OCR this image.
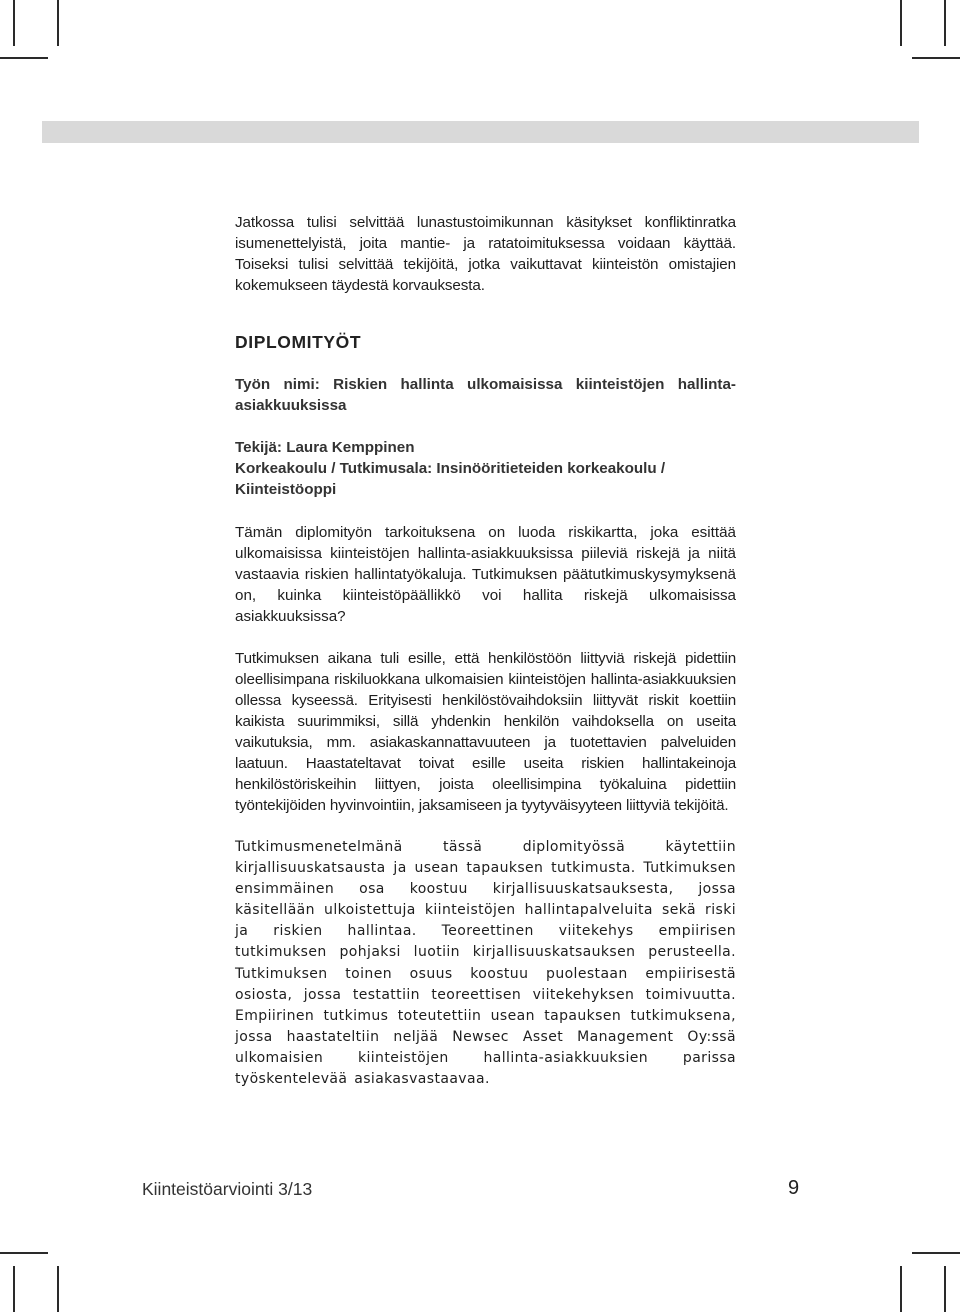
Jatkossa tulisi selvittää lunastustoimikunnan käsitykset konfliktinratka isumenettelyistä, joita mantie- ja ratatoimituksessa voidaan käyttää. Toiseksi tulisi selvittää tekijöitä, jotka vaikuttavat kiinteistön omistajien kokemukseen täydestä korvauksesta.

DIPLOMITYÖT

Työn nimi: Riskien hallinta ulkomaisissa kiinteistöjen hallinta-asiakkuuksissa

Tekijä: Laura Kemppinen
Korkeakoulu / Tutkimusala: Insinööritieteiden korkeakoulu / Kiinteistöoppi

Tämän diplomityön tarkoituksena on luoda riskikartta, joka esittää ulkomaisissa kiinteistöjen hallinta-asiakkuuksissa piileviä riskejä ja niitä vastaavia riskien hallintatyökaluja. Tutkimuksen päätutkimuskysymyksenä on, kuinka kiinteistöpäällikkö voi hallita riskejä ulkomaisissa asiakkuuksissa?

Tutkimuksen aikana tuli esille, että henkilöstöön liittyviä riskejä pidettiin oleellisimpana riskiluokkana ulkomaisien kiinteistöjen hallinta-asiakkuuksien ollessa kyseessä. Erityisesti henkilöstövaihdoksiin liittyvät riskit koettiin kaikista suurimmiksi, sillä yhdenkin henkilön vaihdoksella on useita vaikutuksia, mm. asiakaskannattavuuteen ja tuotettavien palveluiden laatuun. Haastateltavat toivat esille useita riskien hallintakeinoja henkilöstöriskeihin liittyen, joista oleellisimpina työkaluina pidettiin työntekijöiden hyvinvointiin, jaksamiseen ja tyytyväisyyteen liittyviä tekijöitä.

Tutkimusmenetelmänä tässä diplomityössä käytettiin kirjallisuuskatsausta ja usean tapauksen tutkimusta. Tutkimuksen ensimmäinen osa koostuu kirjallisuuskatsauksesta, jossa käsitellään ulkoistettuja kiinteistöjen hallintapalveluita sekä riski ja riskien hallintaa. Teoreettinen viitekehys empiirisen tutkimuksen pohjaksi luotiin kirjallisuuskatsauksen perusteella. Tutkimuksen toinen osuus koostuu puolestaan empiirisestä osiosta, jossa testattiin teoreettisen viitekehyksen toimivuutta. Empiirinen tutkimus toteutettiin usean tapauksen tutkimuksena, jossa haastateltiin neljää Newsec Asset Management Oy:ssä ulkomaisien kiinteistöjen hallinta-asiakkuuksien parissa työskentelevää asiakasvastaavaa.

Kiinteistöarviointi 3/13	9
